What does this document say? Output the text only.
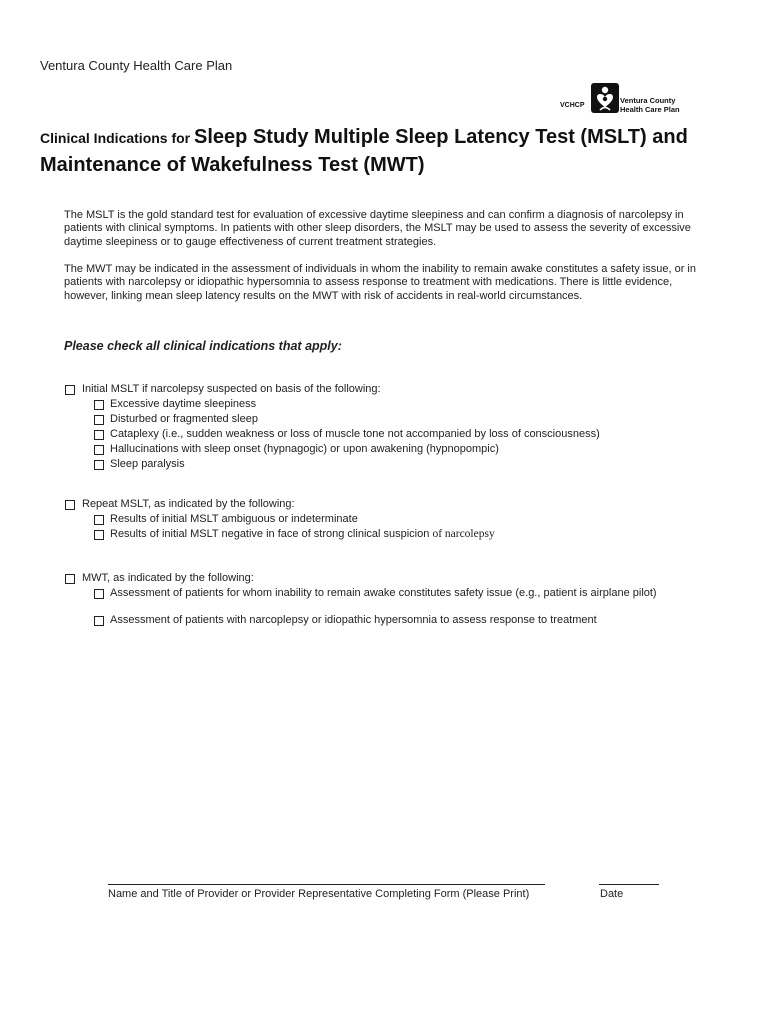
Ventura County Health Care Plan
VCHCP
Ventura County
Health Care Plan
Clinical Indications for Sleep Study Multiple Sleep Latency Test (MSLT) and
Maintenance of Wakefulness Test (MWT)
The MSLT is the gold standard test for evaluation of excessive daytime sleepiness and can confirm a diagnosis of narcolepsy in patients with clinical symptoms. In patients with other sleep disorders, the MSLT may be used to assess the severity of excessive daytime sleepiness or to gauge effectiveness of current treatment strategies.
The MWT may be indicated in the assessment of individuals in whom the inability to remain awake constitutes a safety issue, or in patients with narcolepsy or idiopathic hypersomnia to assess response to treatment with medications. There is little evidence, however, linking mean sleep latency results on the MWT with risk of accidents in real-world circumstances.
Please check all clinical indications that apply:
Initial MSLT if narcolepsy suspected on basis of the following:
Excessive daytime sleepiness
Disturbed or fragmented sleep
Cataplexy (i.e., sudden weakness or loss of muscle tone not accompanied by loss of consciousness)
Hallucinations with sleep onset (hypnagogic) or upon awakening (hypnopompic)
Sleep paralysis
Repeat MSLT, as indicated by the following:
Results of initial MSLT ambiguous or indeterminate
Results of initial MSLT negative in face of strong clinical suspicion of narcolepsy
MWT, as indicated by the following:
Assessment of patients for whom inability to remain awake constitutes safety issue (e.g., patient is airplane pilot)
Assessment of patients with narcoplepsy or idiopathic hypersomnia to assess response to treatment
Name and Title of Provider or Provider Representative Completing Form (Please Print)	Date
